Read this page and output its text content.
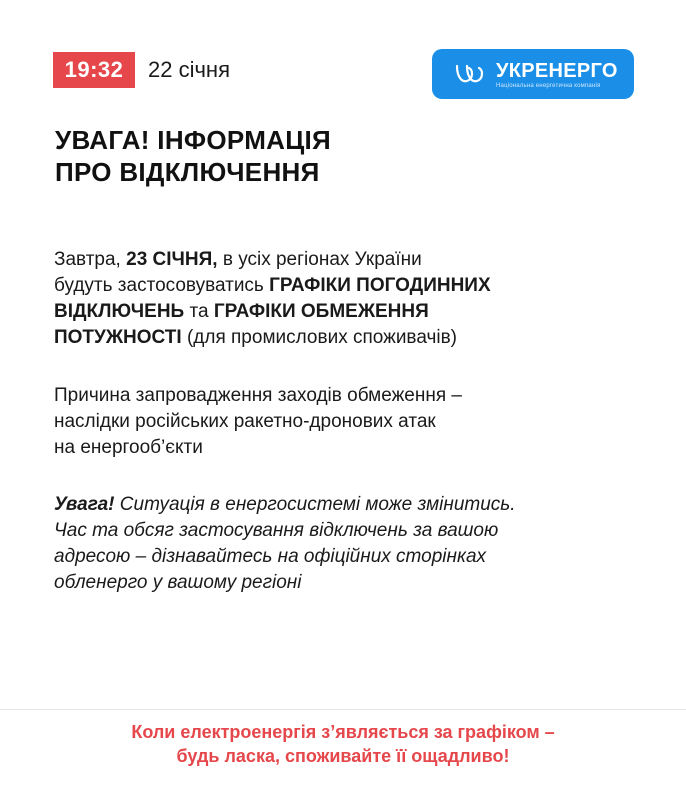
19:32 22 січня	УКРЕНЕРГО
Національна енергетична компанія
УВАГА! ІНФОРМАЦІЯ
ПРО ВІДКЛЮЧЕННЯ

Завтра, 23 СІЧНЯ, в усіх регіонах України
будуть застосовуватись ГРАФІКИ ПОГОДИННИХ
ВІДКЛЮЧЕНЬ та ГРАФІКИ ОБМЕЖЕННЯ
ПОТУЖНОСТІ (для промислових споживачів)

Причина запровадження заходів обмеження –
наслідки російських ракетно-дронових атак
на енергооб’єкти

Увага! Ситуація в енергосистемі може змінитись.
Час та обсяг застосування відключень за вашою
адресою – дізнавайтесь на офіційних сторінках
обленерго у вашому регіоні

Коли електроенергія з’являється за графіком –
будь ласка, споживайте її ощадливо!
